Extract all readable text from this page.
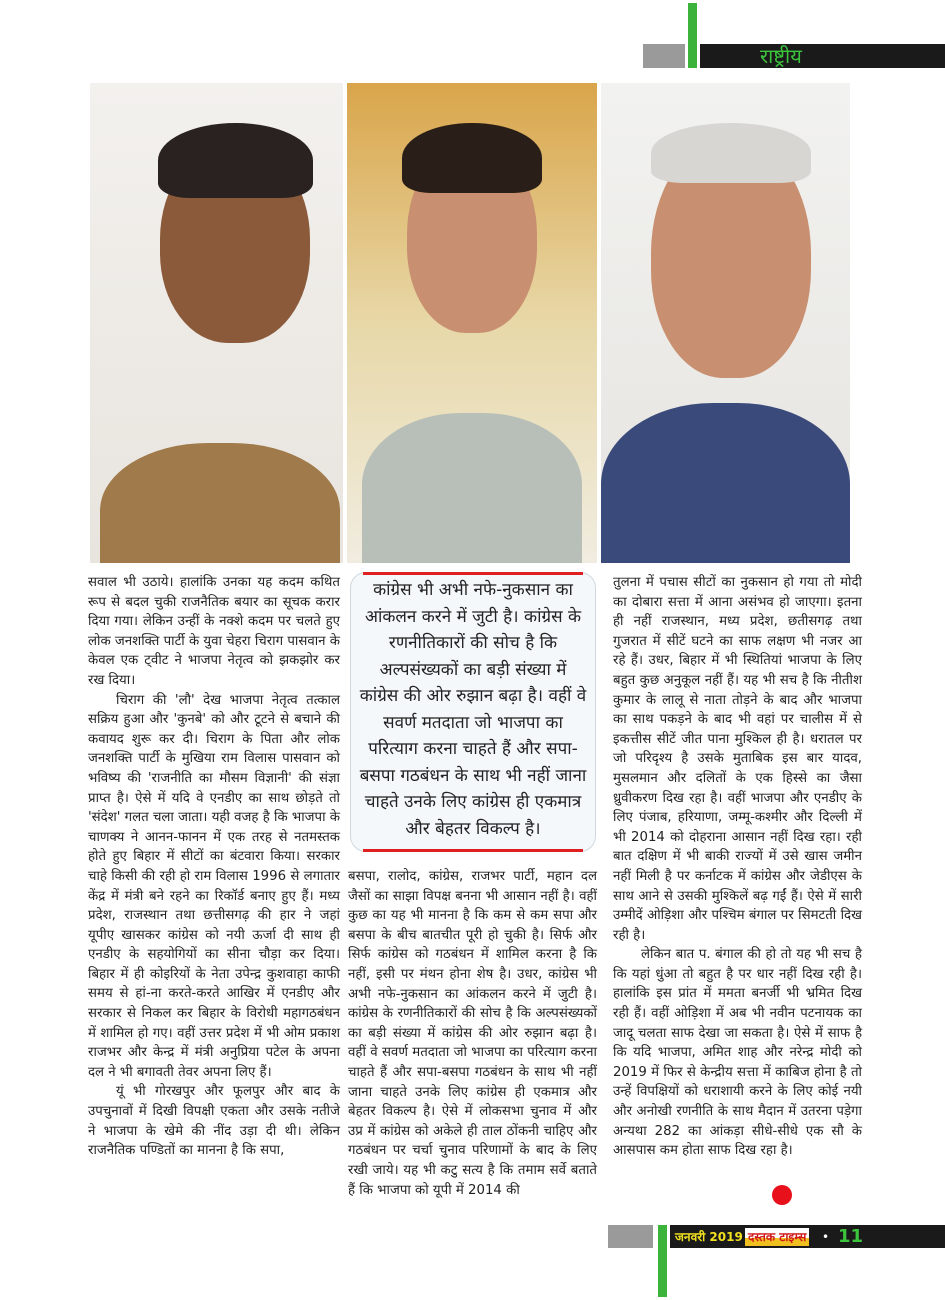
राष्ट्रीय

सवाल भी उठाये। हालांकि उनका यह कदम कथित रूप से बदल चुकी राजनैतिक बयार का सूचक करार दिया गया। लेकिन उन्हीं के नक्शे कदम पर चलते हुए लोक जनशक्ति पार्टी के युवा चेहरा चिराग पासवान के केवल एक ट्वीट ने भाजपा नेतृत्व को झकझोर कर रख दिया।

चिराग की 'लौ' देख भाजपा नेतृत्व तत्काल सक्रिय हुआ और 'कुनबे' को और टूटने से बचाने की कवायद शुरू कर दी। चिराग के पिता और लोक जनशक्ति पार्टी के मुखिया राम विलास पासवान को भविष्य की 'राजनीति का मौसम विज्ञानी' की संज्ञा प्राप्त है। ऐसे में यदि वे एनडीए का साथ छोड़ते तो 'संदेश' गलत चला जाता। यही वजह है कि भाजपा के चाणक्य ने आनन-फानन में एक तरह से नतमस्तक होते हुए बिहार में सीटों का बंटवारा किया। सरकार चाहे किसी की रही हो राम विलास 1996 से लगातार केंद्र में मंत्री बने रहने का रिकॉर्ड बनाए हुए हैं। मध्य प्रदेश, राजस्थान तथा छत्तीसगढ़ की हार ने जहां यूपीए खासकर कांग्रेस को नयी ऊर्जा दी साथ ही एनडीए के सहयोगियों का सीना चौड़ा कर दिया। बिहार में ही कोइरियों के नेता उपेन्द्र कुशवाहा काफी समय से हां-ना करते-करते आखिर में एनडीए और सरकार से निकल कर बिहार के विरोधी महागठबंधन में शामिल हो गए। वहीं उत्तर प्रदेश में भी ओम प्रकाश राजभर और केन्द्र में मंत्री अनुप्रिया पटेल के अपना दल ने भी बगावती तेवर अपना लिए हैं।

यूं भी गोरखपुर और फूलपुर और बाद के उपचुनावों में दिखी विपक्षी एकता और उसके नतीजे ने भाजपा के खेमे की नींद उड़ा दी थी। लेकिन राजनैतिक पण्डितों का मानना है कि सपा,

कांग्रेस भी अभी नफे-नुकसान का आंकलन करने में जुटी है। कांग्रेस के रणनीतिकारों की सोच है कि अल्पसंख्यकों का बड़ी संख्या में कांग्रेस की ओर रुझान बढ़ा है। वहीं वे सवर्ण मतदाता जो भाजपा का परित्याग करना चाहते हैं और सपा-बसपा गठबंधन के साथ भी नहीं जाना चाहते उनके लिए कांग्रेस ही एकमात्र और बेहतर विकल्प है।

बसपा, रालोद, कांग्रेस, राजभर पार्टी, महान दल जैसों का साझा विपक्ष बनना भी आसान नहीं है। वहीं कुछ का यह भी मानना है कि कम से कम सपा और बसपा के बीच बातचीत पूरी हो चुकी है। सिर्फ और सिर्फ कांग्रेस को गठबंधन में शामिल करना है कि नहीं, इसी पर मंथन होना शेष है। उधर, कांग्रेस भी अभी नफे-नुकसान का आंकलन करने में जुटी है। कांग्रेस के रणनीतिकारों की सोच है कि अल्पसंख्यकों का बड़ी संख्या में कांग्रेस की ओर रुझान बढ़ा है। वहीं वे सवर्ण मतदाता जो भाजपा का परित्याग करना चाहते हैं और सपा-बसपा गठबंधन के साथ भी नहीं जाना चाहते उनके लिए कांग्रेस ही एकमात्र और बेहतर विकल्प है। ऐसे में लोकसभा चुनाव में और उप्र में कांग्रेस को अकेले ही ताल ठोंकनी चाहिए और गठबंधन पर चर्चा चुनाव परिणामों के बाद के लिए रखी जाये। यह भी कटु सत्य है कि तमाम सर्वे बताते हैं कि भाजपा को यूपी में 2014 की

तुलना में पचास सीटों का नुकसान हो गया तो मोदी का दोबारा सत्ता में आना असंभव हो जाएगा। इतना ही नहीं राजस्थान, मध्य प्रदेश, छतीसगढ़ तथा गुजरात में सीटें घटने का साफ लक्षण भी नजर आ रहे हैं। उधर, बिहार में भी स्थितियां भाजपा के लिए बहुत कुछ अनुकूल नहीं हैं। यह भी सच है कि नीतीश कुमार के लालू से नाता तोड़ने के बाद और भाजपा का साथ पकड़ने के बाद भी वहां पर चालीस में से इकत्तीस सीटें जीत पाना मुश्किल ही है। धरातल पर जो परिदृश्य है उसके मुताबिक इस बार यादव, मुसलमान और दलितों के एक हिस्से का जैसा ध्रुवीकरण दिख रहा है। वहीं भाजपा और एनडीए के लिए पंजाब, हरियाणा, जम्मू-कश्मीर और दिल्ली में भी 2014 को दोहराना आसान नहीं दिख रहा। रही बात दक्षिण में भी बाकी राज्यों में उसे खास जमीन नहीं मिली है पर कर्नाटक में कांग्रेस और जेडीएस के साथ आने से उसकी मुश्किलें बढ़ गईं हैं। ऐसे में सारी उम्मीदें ओड़िशा और पश्चिम बंगाल पर सिमटती दिख रही है।

लेकिन बात प. बंगाल की हो तो यह भी सच है कि यहां धुंआ तो बहुत है पर धार नहीं दिख रही है। हालांकि इस प्रांत में ममता बनर्जी भी भ्रमित दिख रही हैं। वहीं ओड़िशा में अब भी नवीन पटनायक का जादू चलता साफ देखा जा सकता है। ऐसे में साफ है कि यदि भाजपा, अमित शाह और नरेन्द्र मोदी को 2019 में फिर से केन्द्रीय सत्ता में काबिज होना है तो उन्हें विपक्षियों को धराशायी करने के लिए कोई नयी और अनोखी रणनीति के साथ मैदान में उतरना पड़ेगा अन्यथा 282 का आंकड़ा सीधे-सीधे एक सौ के आसपास कम होता साफ दिख रहा है।

जनवरी 2019 दस्तक टाइम्स • 11
